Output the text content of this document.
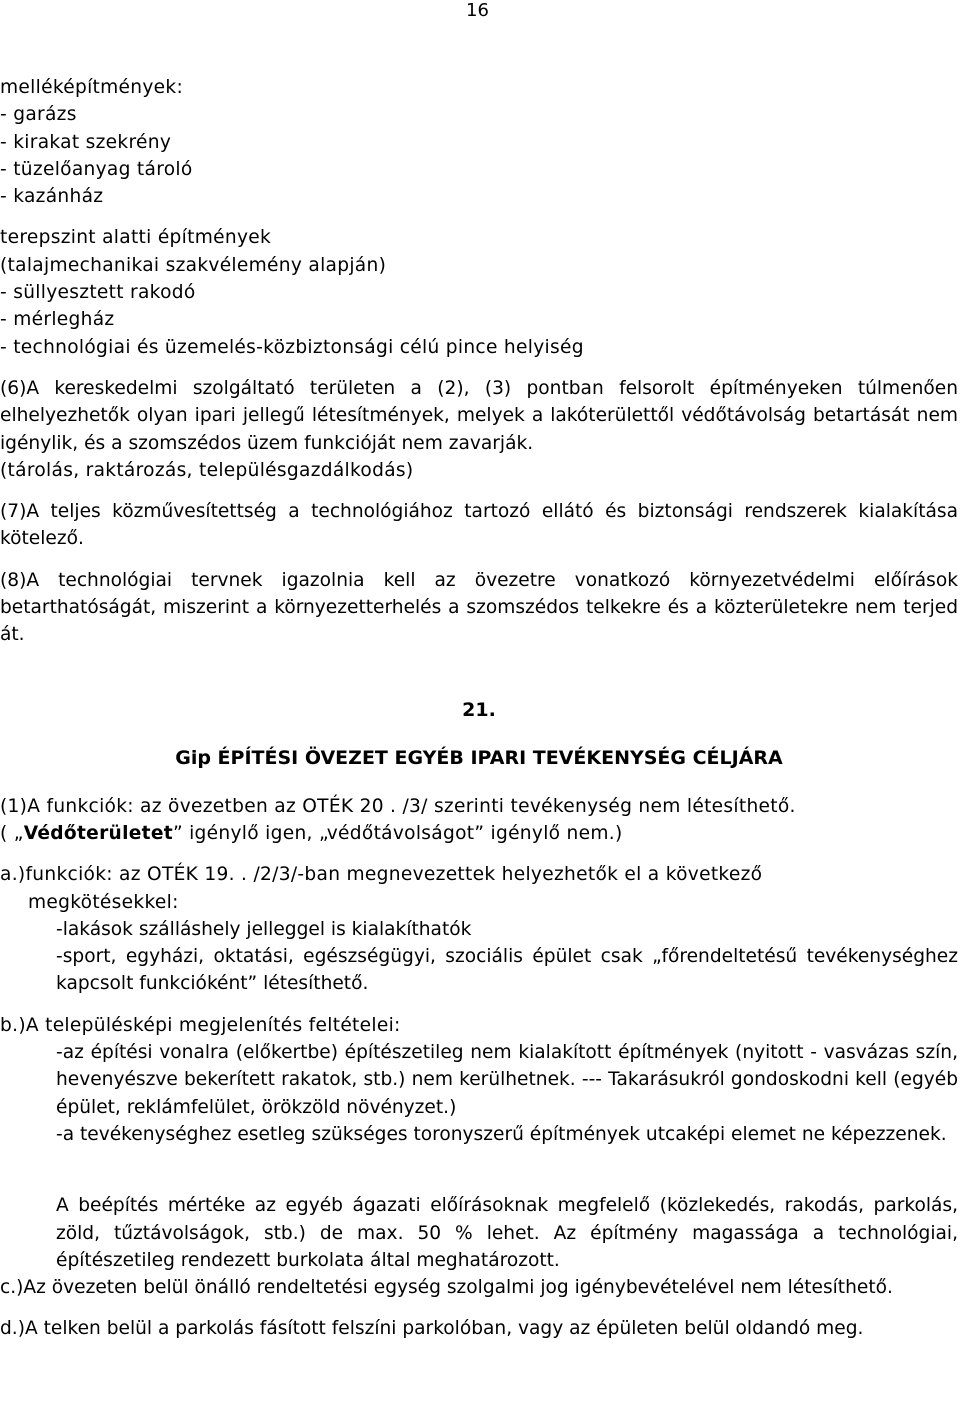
16
melléképítmények:
- garázs
- kirakat szekrény
- tüzelőanyag tároló
- kazánház
terepszint alatti építmények
(talajmechanikai szakvélemény alapján)
- süllyesztett rakodó
- mérlegház
- technológiai és üzemelés-közbiztonsági célú pince helyiség
(6)A kereskedelmi szolgáltató területen a (2), (3) pontban felsorolt építményeken túlmenően elhelyezhetők olyan ipari jellegű létesítmények, melyek a lakóterülettől védőtávolság betartását nem igénylik, és a szomszédos üzem funkcióját nem zavarják.
(tárolás, raktározás, településgazdálkodás)
(7)A teljes közművesítettség a technológiához tartozó ellátó és biztonsági rendszerek kialakítása kötelező.
(8)A technológiai tervnek igazolnia kell az övezetre vonatkozó környezetvédelmi előírások betarthatóságát, miszerint a környezetterhelés a szomszédos telkekre és a közterületekre nem terjed át.
21.
Gip ÉPÍTÉSI ÖVEZET EGYÉB IPARI TEVÉKENYSÉG CÉLJÁRA
(1)A funkciók: az övezetben az OTÉK 20 . /3/ szerinti tevékenység nem létesíthető.
( „Védőterületet” igénylő igen, „védőtávolságot” igénylő nem.)
a.)funkciók: az OTÉK 19. . /2/3/-ban megnevezettek helyezhetők el a következő
megkötésekkel:
-lakások szálláshely jelleggel is kialakíthatók
-sport, egyházi, oktatási, egészségügyi, szociális épület csak „főrendeltetésű tevékenységhez kapcsolt funkcióként” létesíthető.
b.)A településképi megjelenítés feltételei:
-az építési vonalra (előkertbe) építészetileg nem kialakított építmények (nyitott - vasvázas szín, hevenyészve bekerített rakatok, stb.) nem kerülhetnek. --- Takarásukról gondoskodni kell (egyéb épület, reklámfelület, örökzöld növényzet.)
-a tevékenységhez esetleg szükséges toronyszerű építmények utcaképi elemet ne képezzenek.
A beépítés mértéke az egyéb ágazati előírásoknak megfelelő (közlekedés, rakodás, parkolás, zöld, tűztávolságok, stb.) de max. 50 % lehet. Az építmény magassága a technológiai, építészetileg rendezett burkolata által meghatározott.
c.)Az övezeten belül önálló rendeltetési egység szolgalmi jog igénybevételével nem létesíthető.
d.)A telken belül a parkolás fásított felszíni parkolóban, vagy az épületen belül oldandó meg.
